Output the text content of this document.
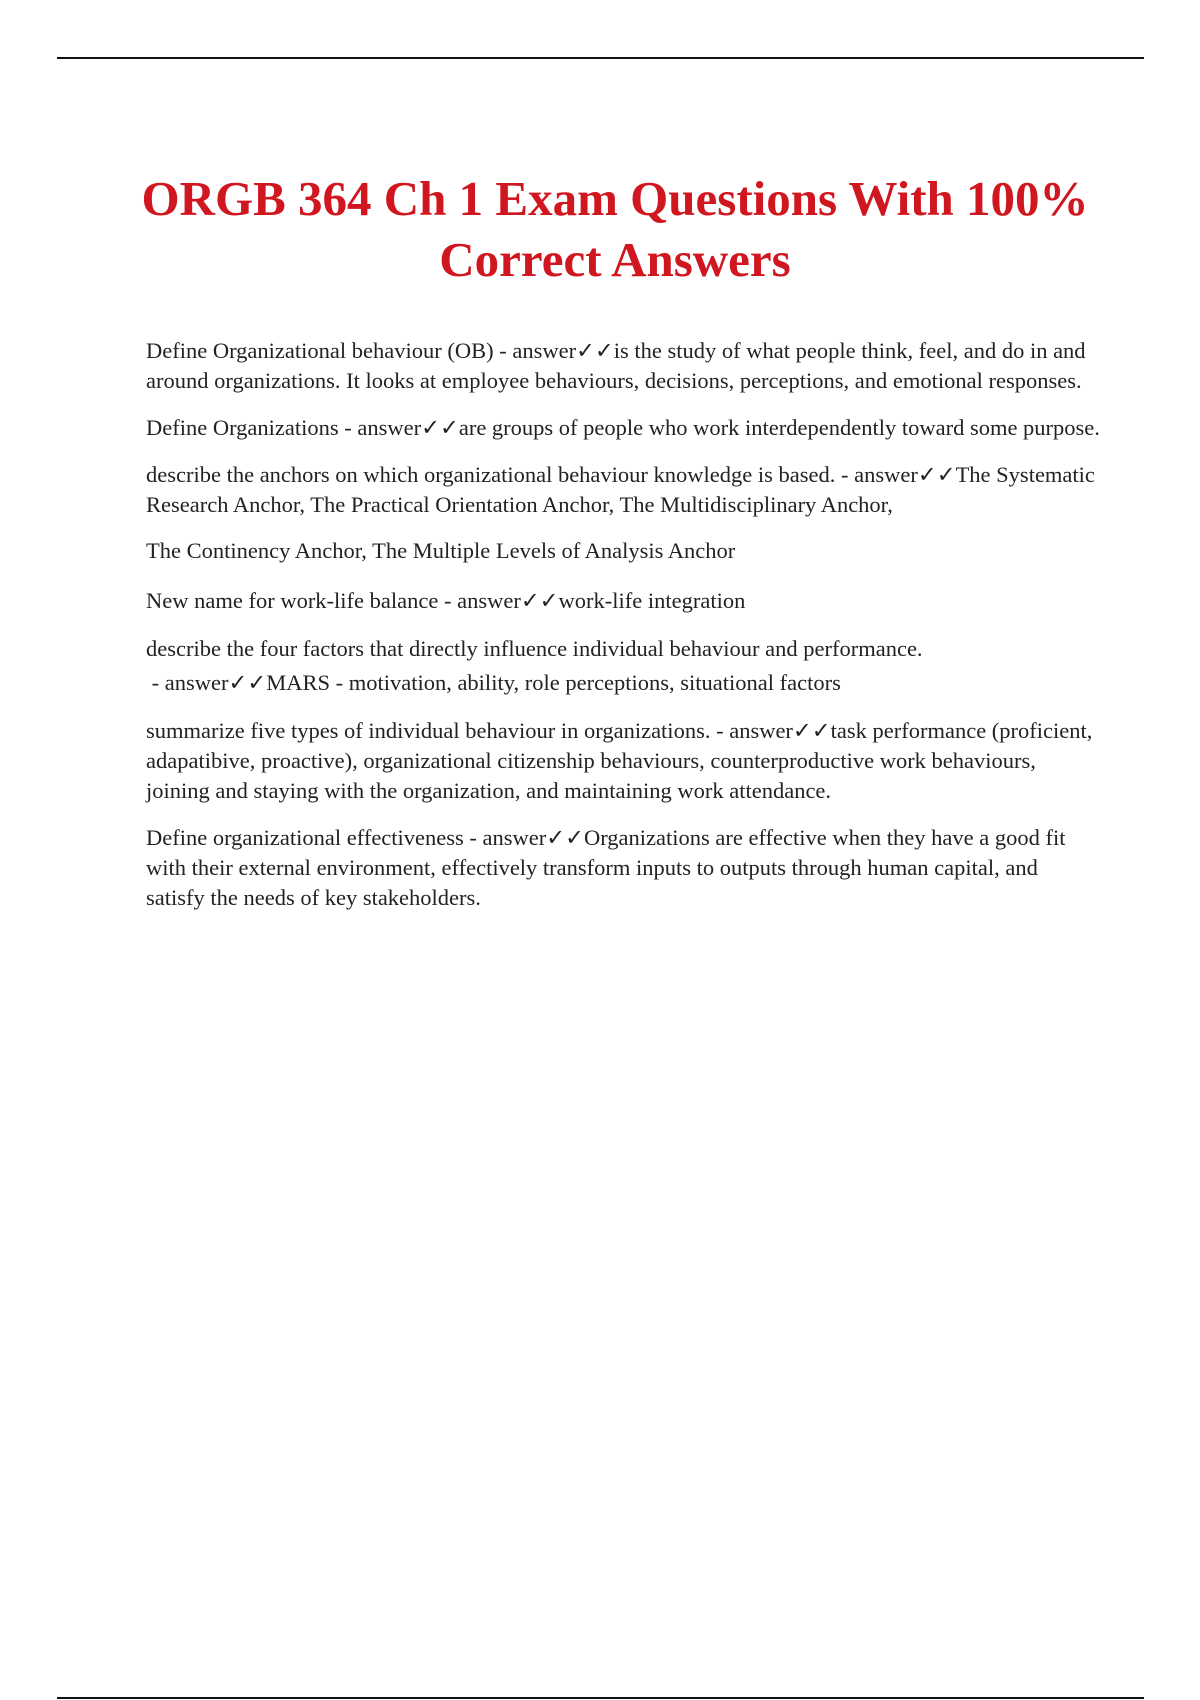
ORGB 364 Ch 1 Exam Questions With 100%
Correct Answers

Define Organizational behaviour (OB) - answer✓✓is the study of what people think, feel, and do in and around organizations. It looks at employee behaviours, decisions, perceptions, and emotional responses.

Define Organizations - answer✓✓are groups of people who work interdependently toward some purpose.

describe the anchors on which organizational behaviour knowledge is based. - answer✓✓The Systematic Research Anchor, The Practical Orientation Anchor, The Multidisciplinary Anchor,

The Continency Anchor, The Multiple Levels of Analysis Anchor

New name for work-life balance - answer✓✓work-life integration

describe the four factors that directly influence individual behaviour and performance. - answer✓✓MARS - motivation, ability, role perceptions, situational factors

summarize five types of individual behaviour in organizations. - answer✓✓task performance (proficient, adapatibive, proactive), organizational citizenship behaviours, counterproductive work behaviours, joining and staying with the organization, and maintaining work attendance.

Define organizational effectiveness - answer✓✓Organizations are effective when they have a good fit with their external environment, effectively transform inputs to outputs through human capital, and satisfy the needs of key stakeholders.
